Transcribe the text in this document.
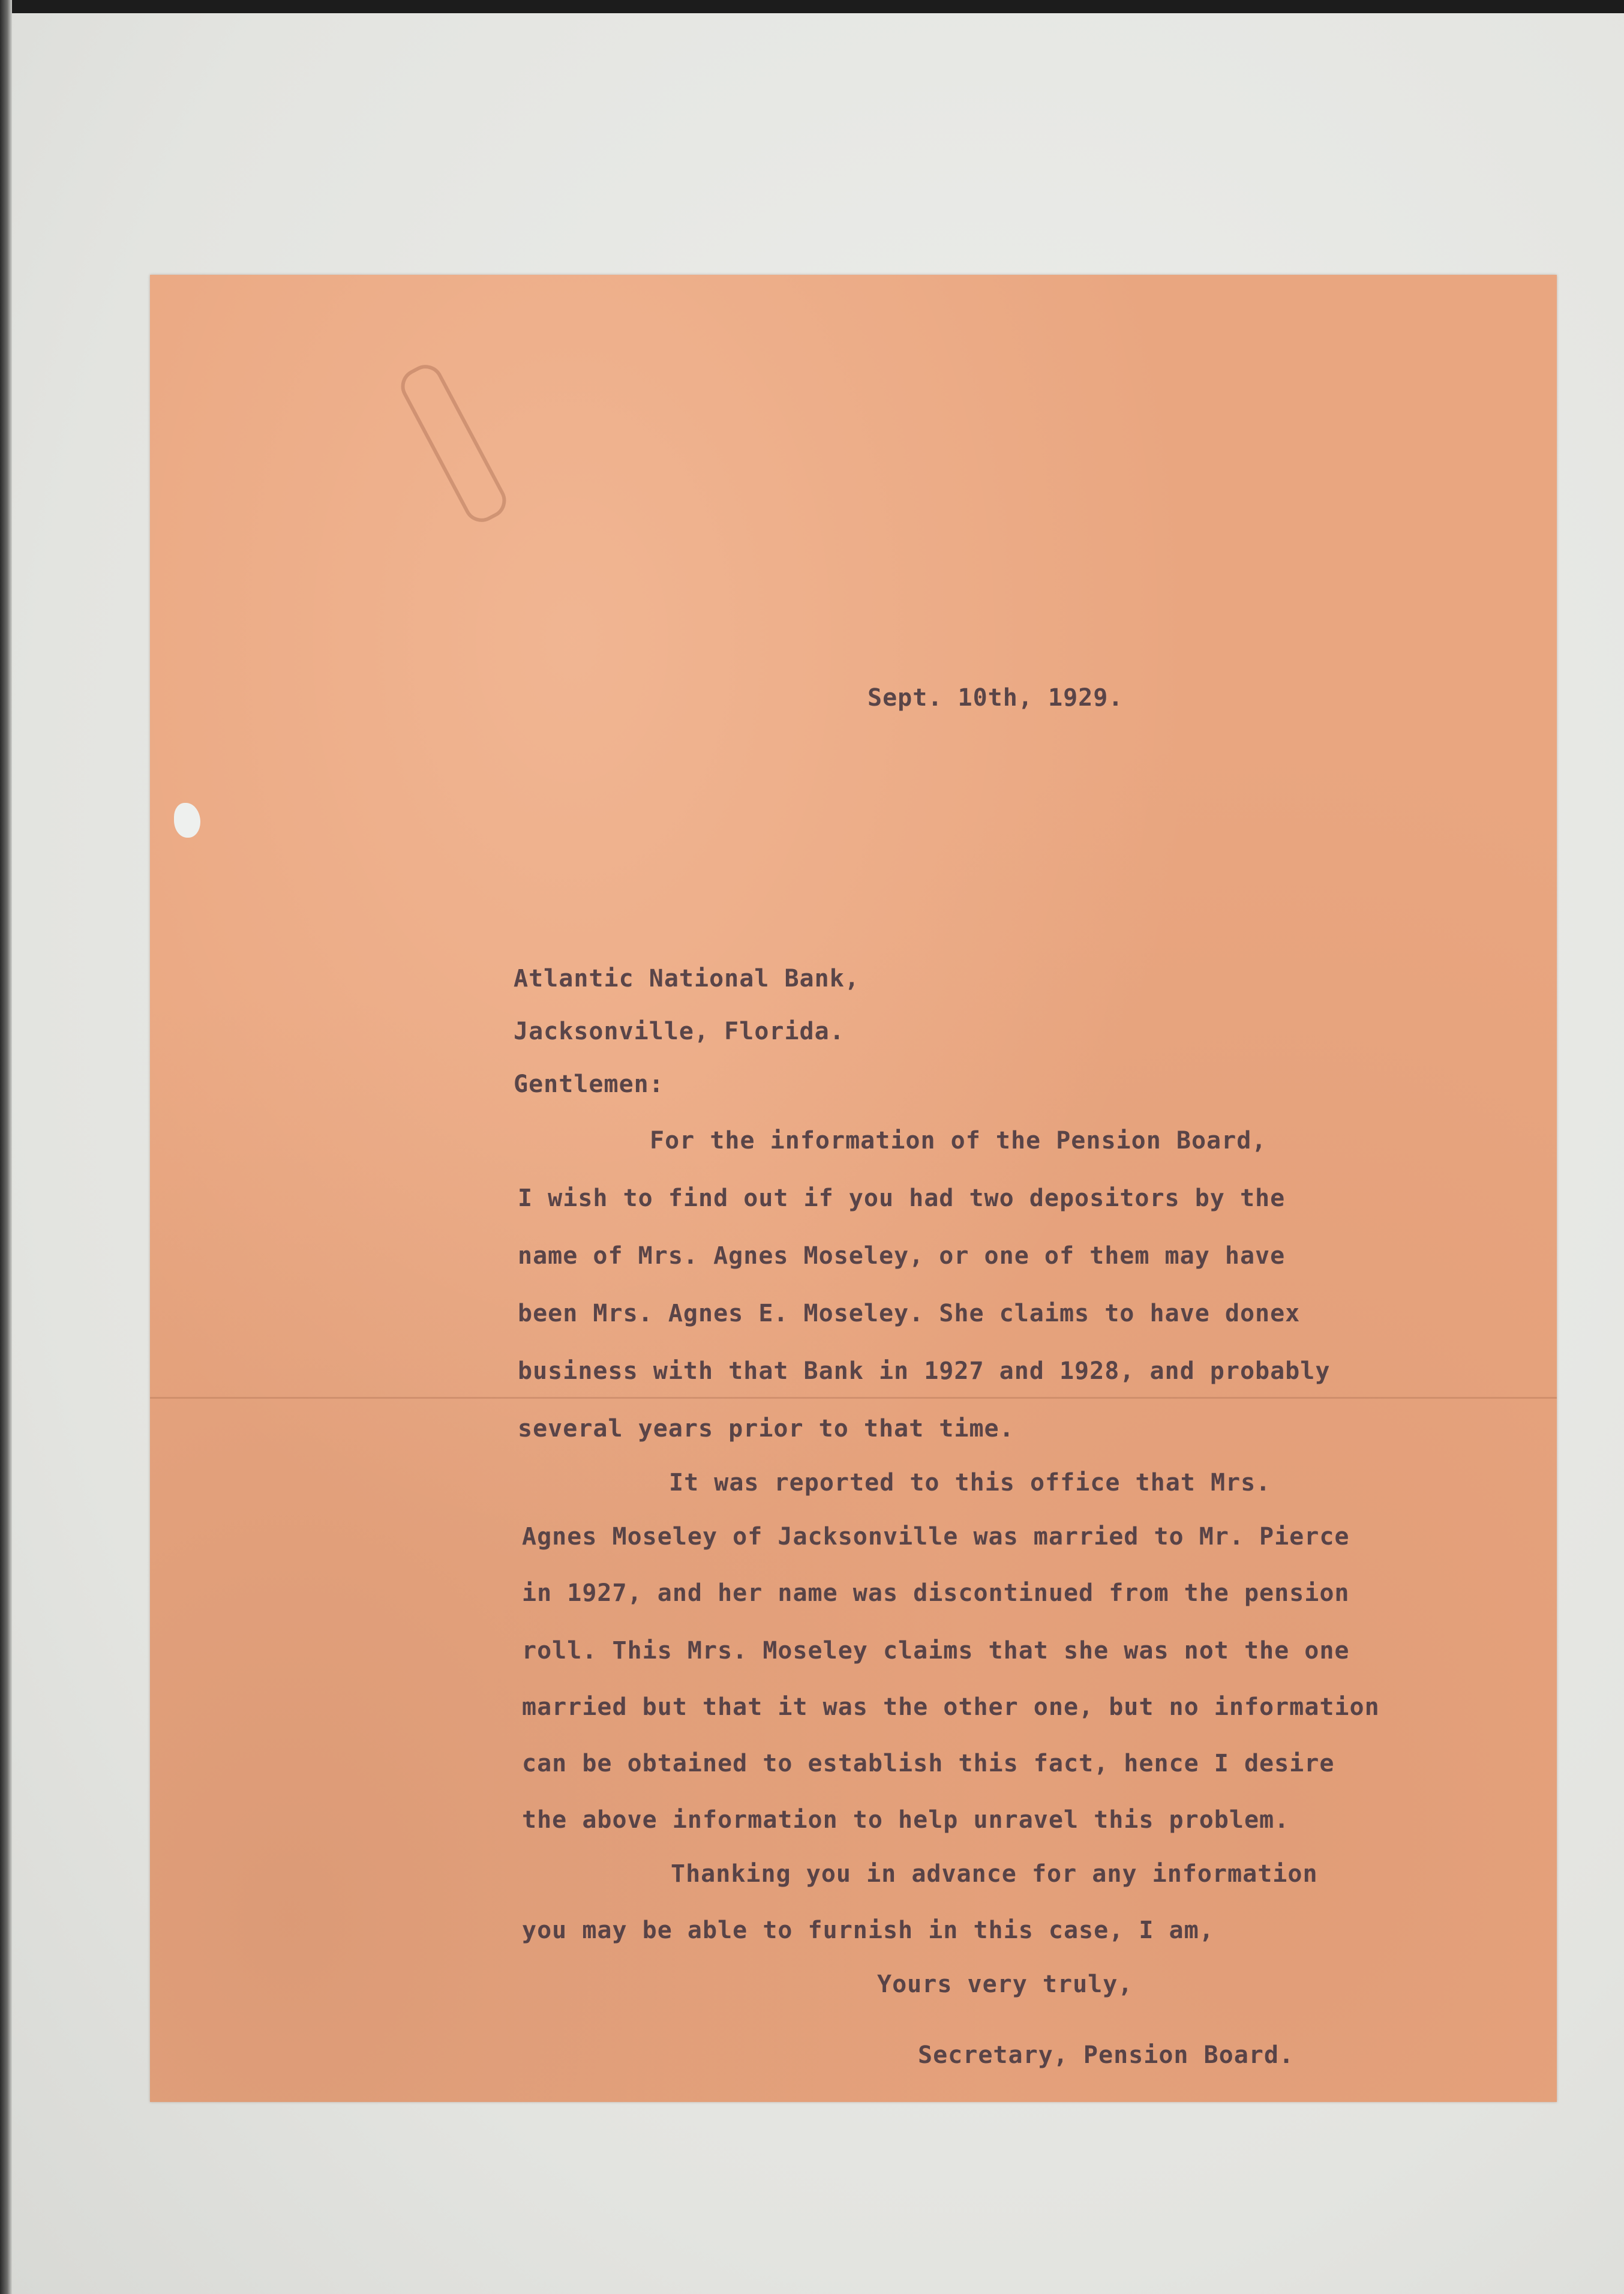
Sept. 10th, 1929.

Atlantic National Bank,

Jacksonville, Florida.

Gentlemen:

For the information of the Pension Board,

I wish to find out if you had two depositors by the

name of Mrs. Agnes Moseley, or one of them may have

been Mrs. Agnes E. Moseley. She claims to have donex

business with that Bank in 1927 and 1928, and probably

several years prior to that time.

It was reported to this office that Mrs.

Agnes Moseley of Jacksonville was married to Mr. Pierce

in 1927, and her name was discontinued from the pension

roll. This Mrs. Moseley claims that she was not the one

married but that it was the other one, but no information

can be obtained to establish this fact, hence I desire

the above information to help unravel this problem.

Thanking you in advance for any information

you may be able to furnish in this case, I am,

Yours very truly,

Secretary, Pension Board.
